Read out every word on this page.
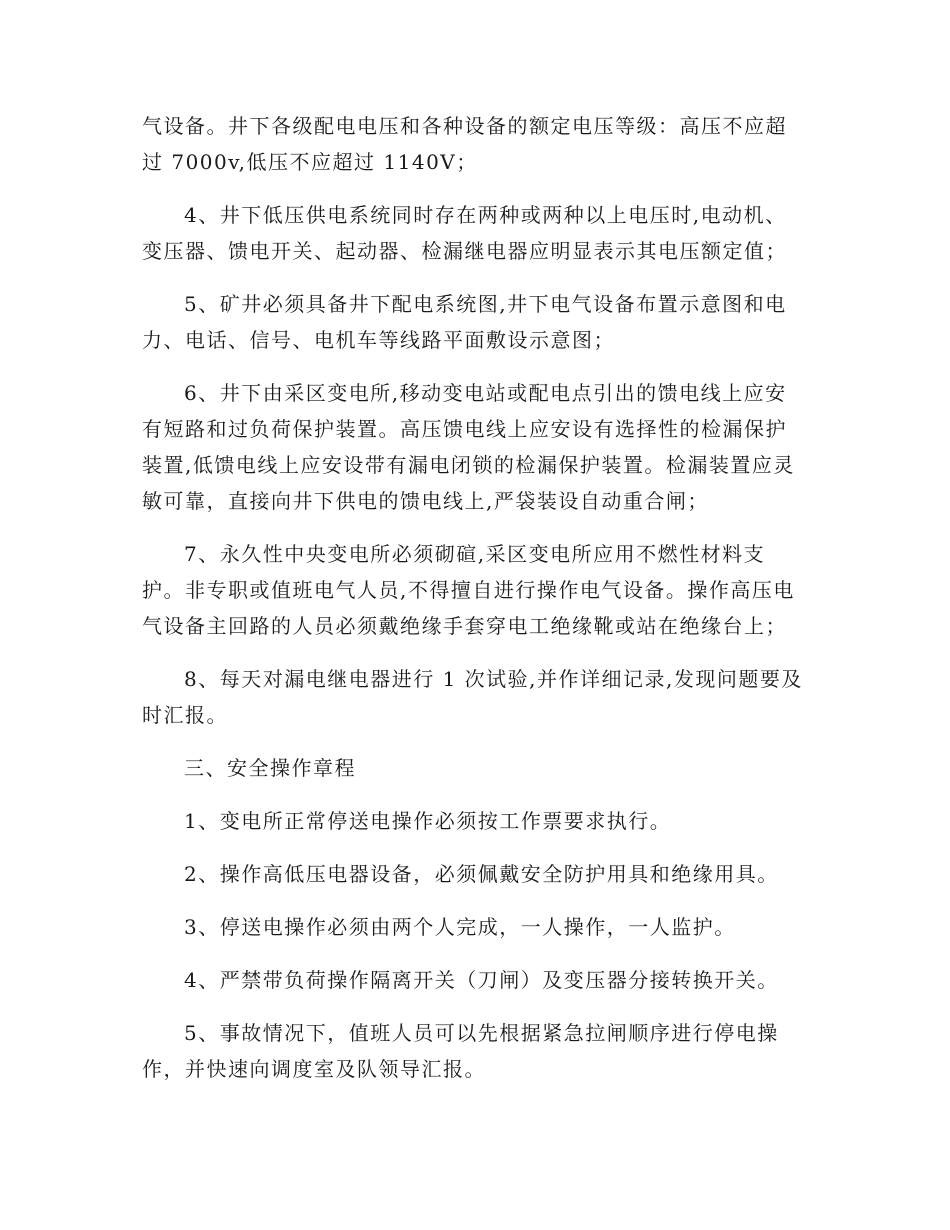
气设备。井下各级配电电压和各种设备的额定电压等级：高压不应超
过 7000v,低压不应超过 1140V；
4、井下低压供电系统同时存在两种或两种以上电压时,电动机、
变压器、馈电开关、起动器、检漏继电器应明显表示其电压额定值；
5、矿井必须具备井下配电系统图,井下电气设备布置示意图和电
力、电话、信号、电机车等线路平面敷设示意图；
6、井下由采区变电所,移动变电站或配电点引出的馈电线上应安
有短路和过负荷保护装置。高压馈电线上应安设有选择性的检漏保护
装置,低馈电线上应安设带有漏电闭锁的检漏保护装置。检漏装置应灵
敏可靠，直接向井下供电的馈电线上,严袋装设自动重合闸；
7、永久性中央变电所必须砌碹,采区变电所应用不燃性材料支
护。非专职或值班电气人员,不得擅自进行操作电气设备。操作高压电
气设备主回路的人员必须戴绝缘手套穿电工绝缘靴或站在绝缘台上；
8、每天对漏电继电器进行 1 次试验,并作详细记录,发现问题要及
时汇报。
三、安全操作章程
1、变电所正常停送电操作必须按工作票要求执行。
2、操作高低压电器设备，必须佩戴安全防护用具和绝缘用具。
3、停送电操作必须由两个人完成，一人操作，一人监护。
4、严禁带负荷操作隔离开关（刀闸）及变压器分接转换开关。
5、事故情况下，值班人员可以先根据紧急拉闸顺序进行停电操
作，并快速向调度室及队领导汇报。
